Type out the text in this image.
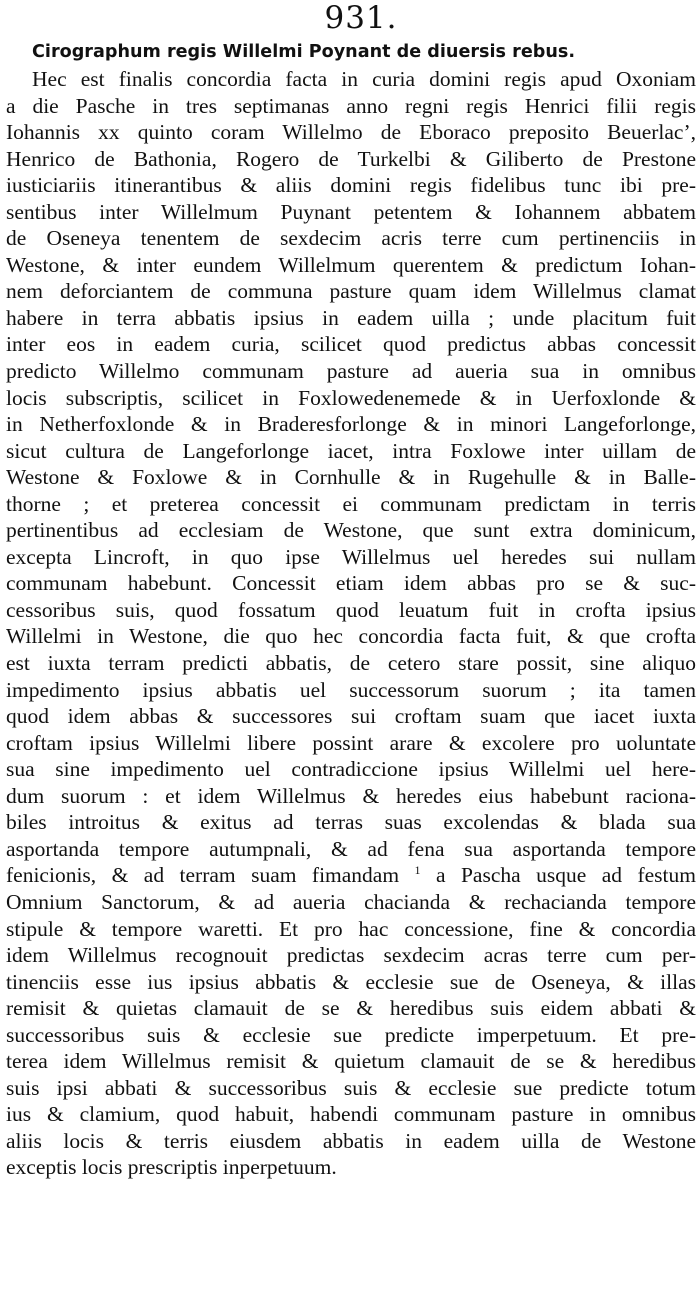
931.
Cirographum regis Willelmi Poynant de diuersis rebus.
Hec est finalis concordia facta in curia domini regis apud Oxoniam
a die Pasche in tres septimanas anno regni regis Henrici filii regis
Iohannis xx quinto coram Willelmo de Eboraco preposito Beuerlac’,
Henrico de Bathonia, Rogero de Turkelbi & Giliberto de Prestone
iusticiariis itinerantibus & aliis domini regis fidelibus tunc ibi pre-
sentibus inter Willelmum Puynant petentem & Iohannem abbatem
de Oseneya tenentem de sexdecim acris terre cum pertinenciis in
Westone, & inter eundem Willelmum querentem & predictum Iohan-
nem deforciantem de communa pasture quam idem Willelmus clamat
habere in terra abbatis ipsius in eadem uilla ; unde placitum fuit
inter eos in eadem curia, scilicet quod predictus abbas concessit
predicto Willelmo communam pasture ad aueria sua in omnibus
locis subscriptis, scilicet in Foxlowedenemede & in Uerfoxlonde &
in Netherfoxlonde & in Braderesforlonge & in minori Langeforlonge,
sicut cultura de Langeforlonge iacet, intra Foxlowe inter uillam de
Westone & Foxlowe & in Cornhulle & in Rugehulle & in Balle-
thorne ; et preterea concessit ei communam predictam in terris
pertinentibus ad ecclesiam de Westone, que sunt extra dominicum,
excepta Lincroft, in quo ipse Willelmus uel heredes sui nullam
communam habebunt. Concessit etiam idem abbas pro se & suc-
cessoribus suis, quod fossatum quod leuatum fuit in crofta ipsius
Willelmi in Westone, die quo hec concordia facta fuit, & que crofta
est iuxta terram predicti abbatis, de cetero stare possit, sine aliquo
impedimento ipsius abbatis uel successorum suorum ; ita tamen
quod idem abbas & successores sui croftam suam que iacet iuxta
croftam ipsius Willelmi libere possint arare & excolere pro uoluntate
sua sine impedimento uel contradiccione ipsius Willelmi uel here-
dum suorum : et idem Willelmus & heredes eius habebunt raciona-
biles introitus & exitus ad terras suas excolendas & blada sua
asportanda tempore autumpnali, & ad fena sua asportanda tempore
fenicionis, & ad terram suam fimandam $^1$ a Pascha usque ad festum
Omnium Sanctorum, & ad aueria chacianda & rechacianda tempore
stipule & tempore waretti. Et pro hac concessione, fine & concordia
idem Willelmus recognouit predictas sexdecim acras terre cum per-
tinenciis esse ius ipsius abbatis & ecclesie sue de Oseneya, & illas
remisit & quietas clamauit de se & heredibus suis eidem abbati &
successoribus suis & ecclesie sue predicte imperpetuum. Et pre-
terea idem Willelmus remisit & quietum clamauit de se & heredibus
suis ipsi abbati & successoribus suis & ecclesie sue predicte totum
ius & clamium, quod habuit, habendi communam pasture in omnibus
aliis locis & terris eiusdem abbatis in eadem uilla de Westone
exceptis locis prescriptis inperpetuum.
